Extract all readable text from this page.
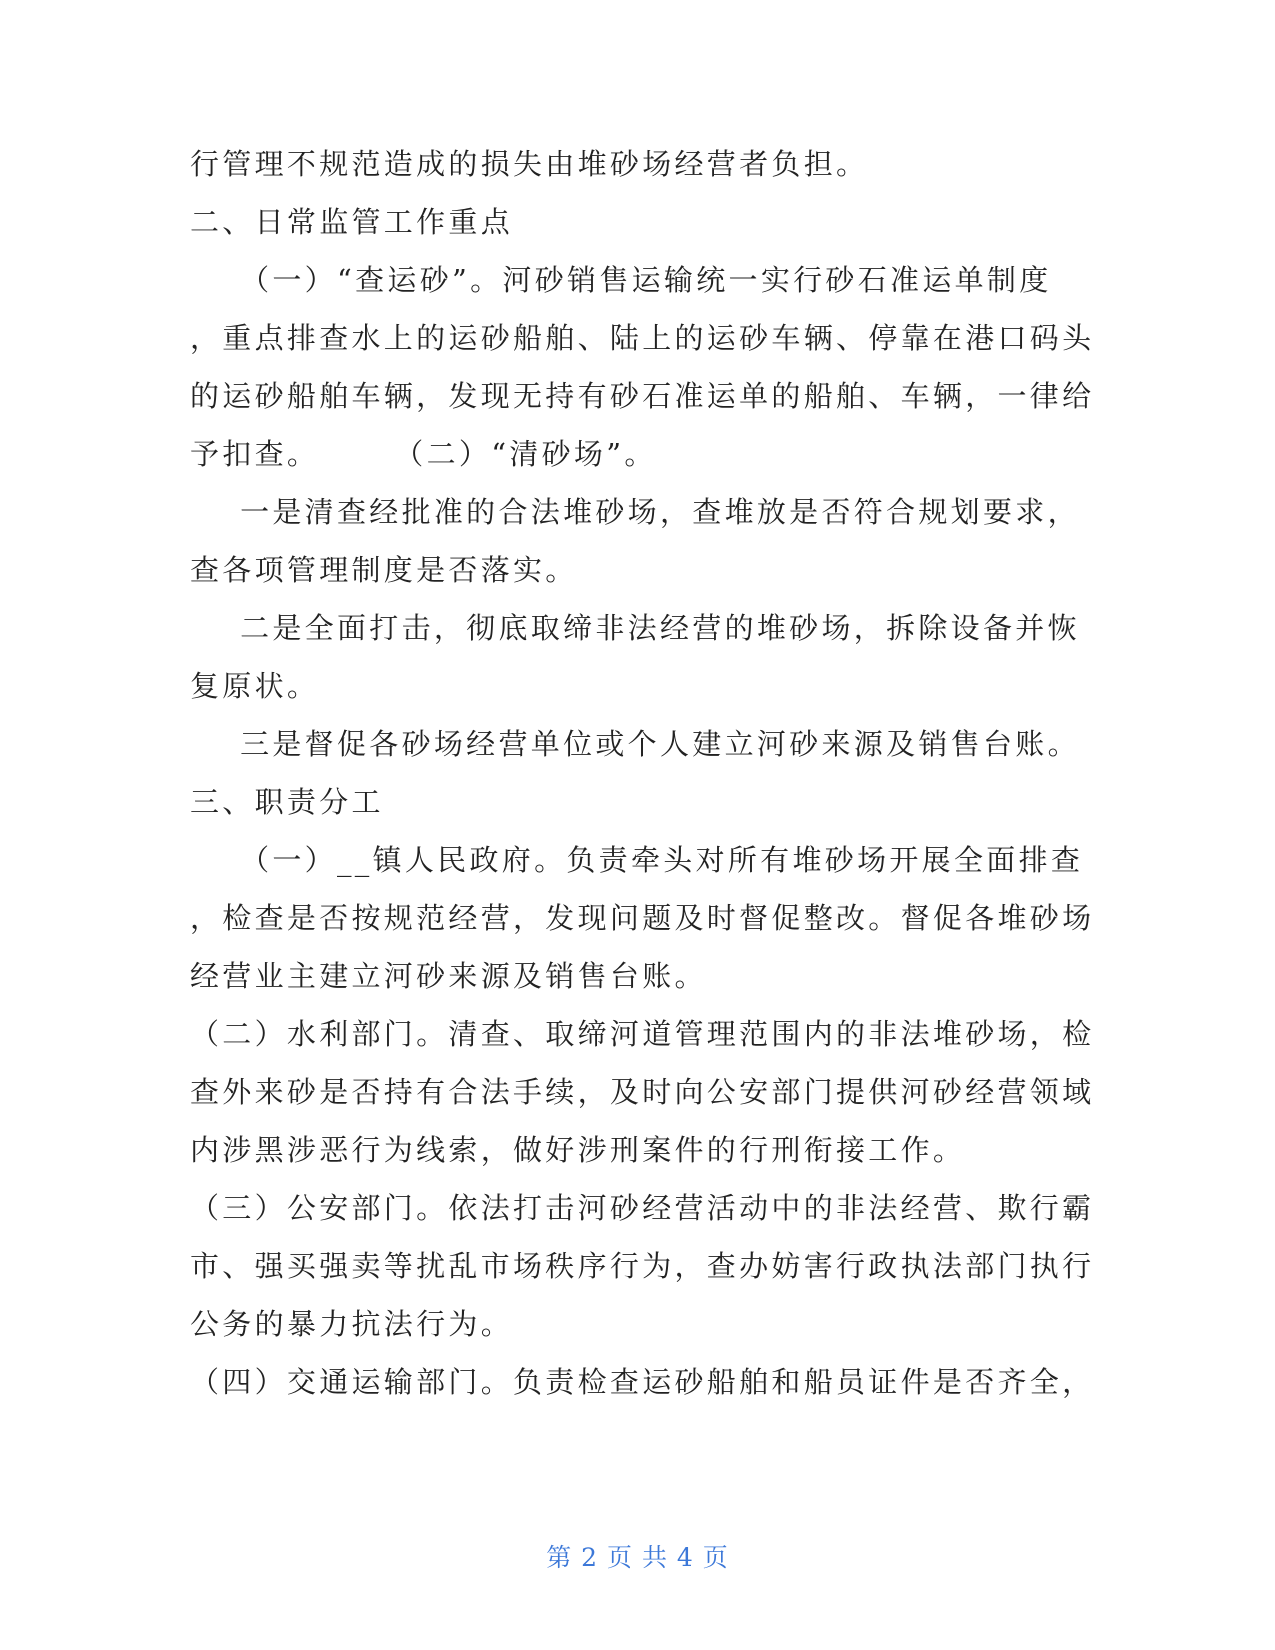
行管理不规范造成的损失由堆砂场经营者负担。
二、日常监管工作重点
（一）“查运砂”。河砂销售运输统一实行砂石准运单制度
，重点排查水上的运砂船舶、陆上的运砂车辆、停靠在港口码头
的运砂船舶车辆，发现无持有砂石准运单的船舶、车辆，一律给
予扣查。      （二）“清砂场”。
一是清查经批准的合法堆砂场，查堆放是否符合规划要求，
查各项管理制度是否落实。
二是全面打击，彻底取缔非法经营的堆砂场，拆除设备并恢
复原状。
三是督促各砂场经营单位或个人建立河砂来源及销售台账。
三、职责分工
（一）__镇人民政府。负责牵头对所有堆砂场开展全面排查
，检查是否按规范经营，发现问题及时督促整改。督促各堆砂场
经营业主建立河砂来源及销售台账。
（二）水利部门。清查、取缔河道管理范围内的非法堆砂场，检
查外来砂是否持有合法手续，及时向公安部门提供河砂经营领域
内涉黑涉恶行为线索，做好涉刑案件的行刑衔接工作。
（三）公安部门。依法打击河砂经营活动中的非法经营、欺行霸
市、强买强卖等扰乱市场秩序行为，查办妨害行政执法部门执行
公务的暴力抗法行为。
（四）交通运输部门。负责检查运砂船舶和船员证件是否齐全，
第 2 页 共 4 页
